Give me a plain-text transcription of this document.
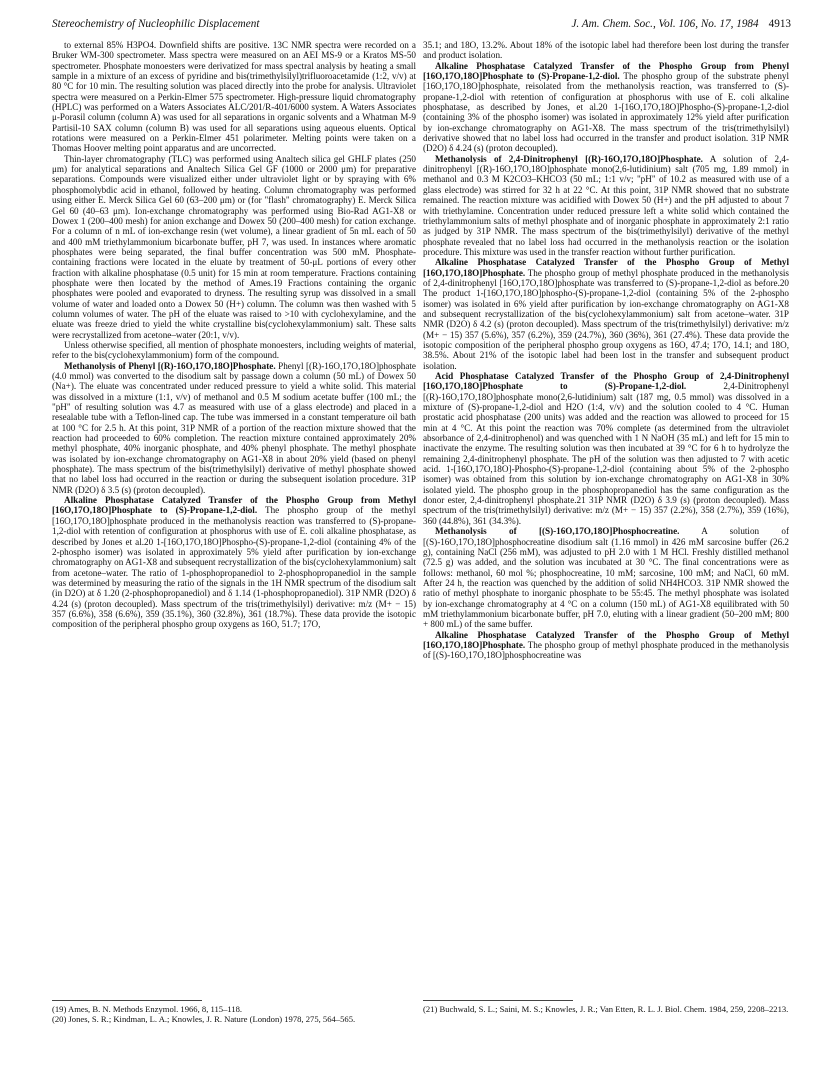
Stereochemistry of Nucleophilic Displacement	J. Am. Chem. Soc., Vol. 106, No. 17, 1984 4913

to external 85% H3PO4. Downfield shifts are positive. 13C NMR spectra were recorded on a Bruker WM-300 spectrometer. Mass spectra were measured on an AEI MS-9 or a Kratos MS-50 spectrometer. Phosphate monoesters were derivatized for mass spectral analysis by heating a small sample in a mixture of an excess of pyridine and bis(trimethylsilyl)trifluoroacetamide (1:2, v/v) at 80 °C for 10 min. The resulting solution was placed directly into the probe for analysis. Ultraviolet spectra were measured on a Perkin-Elmer 575 spectrometer. High-pressure liquid chromatography (HPLC) was performed on a Waters Associates ALC/201/R-401/6000 system. A Waters Associates μ-Porasil column (column A) was used for all separations in organic solvents and a Whatman M-9 Partisil-10 SAX column (column B) was used for all separations using aqueous eluents. Optical rotations were measured on a Perkin-Elmer 451 polarimeter. Melting points were taken on a Thomas Hoover melting point apparatus and are uncorrected.

Thin-layer chromatography (TLC) was performed using Analtech silica gel GHLF plates (250 μm) for analytical separations and Analtech Silica Gel GF (1000 or 2000 μm) for preparative separations. Compounds were visualized either under ultraviolet light or by spraying with 6% phosphomolybdic acid in ethanol, followed by heating. Column chromatography was performed using either E. Merck Silica Gel 60 (63–200 μm) or (for "flash" chromatography) E. Merck Silica Gel 60 (40–63 μm). Ion-exchange chromatography was performed using Bio-Rad AG1-X8 or Dowex 1 (200–400 mesh) for anion exchange and Dowex 50 (200–400 mesh) for cation exchange. For a column of n mL of ion-exchange resin (wet volume), a linear gradient of 5n mL each of 50 and 400 mM triethylammonium bicarbonate buffer, pH 7, was used. In instances where aromatic phosphates were being separated, the final buffer concentration was 500 mM. Phosphate-containing fractions were located in the eluate by treatment of 50-μL portions of every other fraction with alkaline phosphatase (0.5 unit) for 15 min at room temperature. Fractions containing phosphate were then located by the method of Ames.19 Fractions containing the organic phosphates were pooled and evaporated to dryness. The resulting syrup was dissolved in a small volume of water and loaded onto a Dowex 50 (H+) column. The column was then washed with 5 column volumes of water. The pH of the eluate was raised to >10 with cyclohexylamine, and the eluate was freeze dried to yield the white crystalline bis(cyclohexylammonium) salt. These salts were recrystallized from acetone–water (20:1, v/v).

Unless otherwise specified, all mention of phosphate monoesters, including weights of material, refer to the bis(cyclohexylammonium) form of the compound.

Methanolysis of Phenyl [(R)-16O,17O,18O]Phosphate. Phenyl [(R)-16O,17O,18O]phosphate (4.0 mmol) was converted to the disodium salt by passage down a column (50 mL) of Dowex 50 (Na+). The eluate was concentrated under reduced pressure to yield a white solid. This material was dissolved in a mixture (1:1, v/v) of methanol and 0.5 M sodium acetate buffer (100 mL; the "pH" of resulting solution was 4.7 as measured with use of a glass electrode) and placed in a resealable tube with a Teflon-lined cap. The tube was immersed in a constant temperature oil bath at 100 °C for 2.5 h. At this point, 31P NMR of a portion of the reaction mixture showed that the reaction had proceeded to 60% completion. The reaction mixture contained approximately 20% methyl phosphate, 40% inorganic phosphate, and 40% phenyl phosphate. The methyl phosphate was isolated by ion-exchange chromatography on AG1-X8 in about 20% yield (based on phenyl phosphate). The mass spectrum of the bis(trimethylsilyl) derivative of methyl phosphate showed that no label loss had occurred in the reaction or during the subsequent isolation procedure. 31P NMR (D2O) δ 3.5 (s) (proton decoupled).

Alkaline Phosphatase Catalyzed Transfer of the Phospho Group from Methyl [16O,17O,18O]Phosphate to (S)-Propane-1,2-diol. The phospho group of the methyl [16O,17O,18O]phosphate produced in the methanolysis reaction was transferred to (S)-propane-1,2-diol with retention of configuration at phosphorus with use of E. coli alkaline phosphatase, as described by Jones et al.20 1-[16O,17O,18O]Phospho-(S)-propane-1,2-diol (containing 4% of the 2-phospho isomer) was isolated in approximately 5% yield after purification by ion-exchange chromatography on AG1-X8 and subsequent recrystallization of the bis(cyclohexylammonium) salt from acetone–water. The ratio of 1-phosphopropanediol to 2-phosphopropanediol in the sample was determined by measuring the ratio of the signals in the 1H NMR spectrum of the disodium salt (in D2O) at δ 1.20 (2-phosphopropanediol) and δ 1.14 (1-phosphopropanediol). 31P NMR (D2O) δ 4.24 (s) (proton decoupled). Mass spectrum of the tris(trimethylsilyl) derivative: m/z (M+ − 15) 357 (6.6%), 358 (6.6%), 359 (35.1%), 360 (32.8%), 361 (18.7%). These data provide the isotopic composition of the peripheral phospho group oxygens as 16O, 51.7; 17O,

35.1; and 18O, 13.2%. About 18% of the isotopic label had therefore been lost during the transfer and product isolation.

Alkaline Phosphatase Catalyzed Transfer of the Phospho Group from Phenyl [16O,17O,18O]Phosphate to (S)-Propane-1,2-diol. The phospho group of the substrate phenyl [16O,17O,18O]phosphate, reisolated from the methanolysis reaction, was transferred to (S)-propane-1,2-diol with retention of configuration at phosphorus with use of E. coli alkaline phosphatase, as described by Jones, et al.20 1-[16O,17O,18O]Phospho-(S)-propane-1,2-diol (containing 3% of the phospho isomer) was isolated in approximately 12% yield after purification by ion-exchange chromatography on AG1-X8. The mass spectrum of the tris(trimethylsilyl) derivative showed that no label loss had occurred in the transfer and product isolation. 31P NMR (D2O) δ 4.24 (s) (proton decoupled).

Methanolysis of 2,4-Dinitrophenyl [(R)-16O,17O,18O]Phosphate. A solution of 2,4-dinitrophenyl [(R)-16O,17O,18O]phosphate mono(2,6-lutidinium) salt (705 mg, 1.89 mmol) in methanol and 0.3 M K2CO3–KHCO3 (50 mL; 1:1 v/v; "pH" of 10.2 as measured with use of a glass electrode) was stirred for 32 h at 22 °C. At this point, 31P NMR showed that no substrate remained. The reaction mixture was acidified with Dowex 50 (H+) and the pH adjusted to about 7 with triethylamine. Concentration under reduced pressure left a white solid which contained the triethylammonium salts of methyl phosphate and of inorganic phosphate in approximately 2:1 ratio as judged by 31P NMR. The mass spectrum of the bis(trimethylsilyl) derivative of the methyl phosphate revealed that no label loss had occurred in the methanolysis reaction or the isolation procedure. This mixture was used in the transfer reaction without further purification.

Alkaline Phosphatase Catalyzed Transfer of the Phospho Group of Methyl [16O,17O,18O]Phosphate. The phospho group of methyl phosphate produced in the methanolysis of 2,4-dinitrophenyl [16O,17O,18O]phosphate was transferred to (S)-propane-1,2-diol as before.20 The product 1-[16O,17O,18O]phospho-(S)-propane-1,2-diol (containing 5% of the 2-phospho isomer) was isolated in 6% yield after purification by ion-exchange chromatography on AG1-X8 and subsequent recrystallization of the bis(cyclohexylammonium) salt from acetone–water. 31P NMR (D2O) δ 4.2 (s) (proton decoupled). Mass spectrum of the tris(trimethylsilyl) derivative: m/z (M+ − 15) 357 (5.6%), 357 (6.2%), 359 (24.7%), 360 (36%), 361 (27.4%). These data provide the isotopic composition of the peripheral phospho group oxygens as 16O, 47.4; 17O, 14.1; and 18O, 38.5%. About 21% of the isotopic label had been lost in the transfer and subsequent product isolation.

Acid Phosphatase Catalyzed Transfer of the Phospho Group of 2,4-Dinitrophenyl [16O,17O,18O]Phosphate to (S)-Propane-1,2-diol. 2,4-Dinitrophenyl [(R)-16O,17O,18O]phosphate mono(2,6-lutidinium) salt (187 mg, 0.5 mmol) was dissolved in a mixture of (S)-propane-1,2-diol and H2O (1:4, v/v) and the solution cooled to 4 °C. Human prostatic acid phosphatase (200 units) was added and the reaction was allowed to proceed for 15 min at 4 °C. At this point the reaction was 70% complete (as determined from the ultraviolet absorbance of 2,4-dinitrophenol) and was quenched with 1 N NaOH (35 mL) and left for 15 min to inactivate the enzyme. The resulting solution was then incubated at 39 °C for 6 h to hydrolyze the remaining 2,4-dinitrophenyl phosphate. The pH of the solution was then adjusted to 7 with acetic acid. 1-[16O,17O,18O]-Phospho-(S)-propane-1,2-diol (containing about 5% of the 2-phospho isomer) was obtained from this solution by ion-exchange chromatography on AG1-X8 in 30% isolated yield. The phospho group in the phosphopropanediol has the same configuration as the donor ester, 2,4-dinitrophenyl phosphate.21 31P NMR (D2O) δ 3.9 (s) (proton decoupled). Mass spectrum of the tris(trimethylsilyl) derivative: m/z (M+ − 15) 357 (2.2%), 358 (2.7%), 359 (16%), 360 (44.8%), 361 (34.3%).

Methanolysis of [(S)-16O,17O,18O]Phosphocreatine. A solution of [(S)-16O,17O,18O]phosphocreatine disodium salt (1.16 mmol) in 426 mM sarcosine buffer (26.2 g), containing NaCl (256 mM), was adjusted to pH 2.0 with 1 M HCl. Freshly distilled methanol (72.5 g) was added, and the solution was incubated at 30 °C. The final concentrations were as follows: methanol, 60 mol %; phosphocreatine, 10 mM; sarcosine, 100 mM; and NaCl, 60 mM. After 24 h, the reaction was quenched by the addition of solid NH4HCO3. 31P NMR showed the ratio of methyl phosphate to inorganic phosphate to be 55:45. The methyl phosphate was isolated by ion-exchange chromatography at 4 °C on a column (150 mL) of AG1-X8 equilibrated with 50 mM triethylammonium bicarbonate buffer, pH 7.0, eluting with a linear gradient (50–200 mM; 800 + 800 mL) of the same buffer.

Alkaline Phosphatase Catalyzed Transfer of the Phospho Group of Methyl [16O,17O,18O]Phosphate. The phospho group of methyl phosphate produced in the methanolysis of [(S)-16O,17O,18O]phosphocreatine was

(19) Ames, B. N. Methods Enzymol. 1966, 8, 115–118.
(20) Jones, S. R.; Kindman, L. A.; Knowles, J. R. Nature (London) 1978, 275, 564–565.
(21) Buchwald, S. L.; Saini, M. S.; Knowles, J. R.; Van Etten, R. L. J. Biol. Chem. 1984, 259, 2208–2213.
